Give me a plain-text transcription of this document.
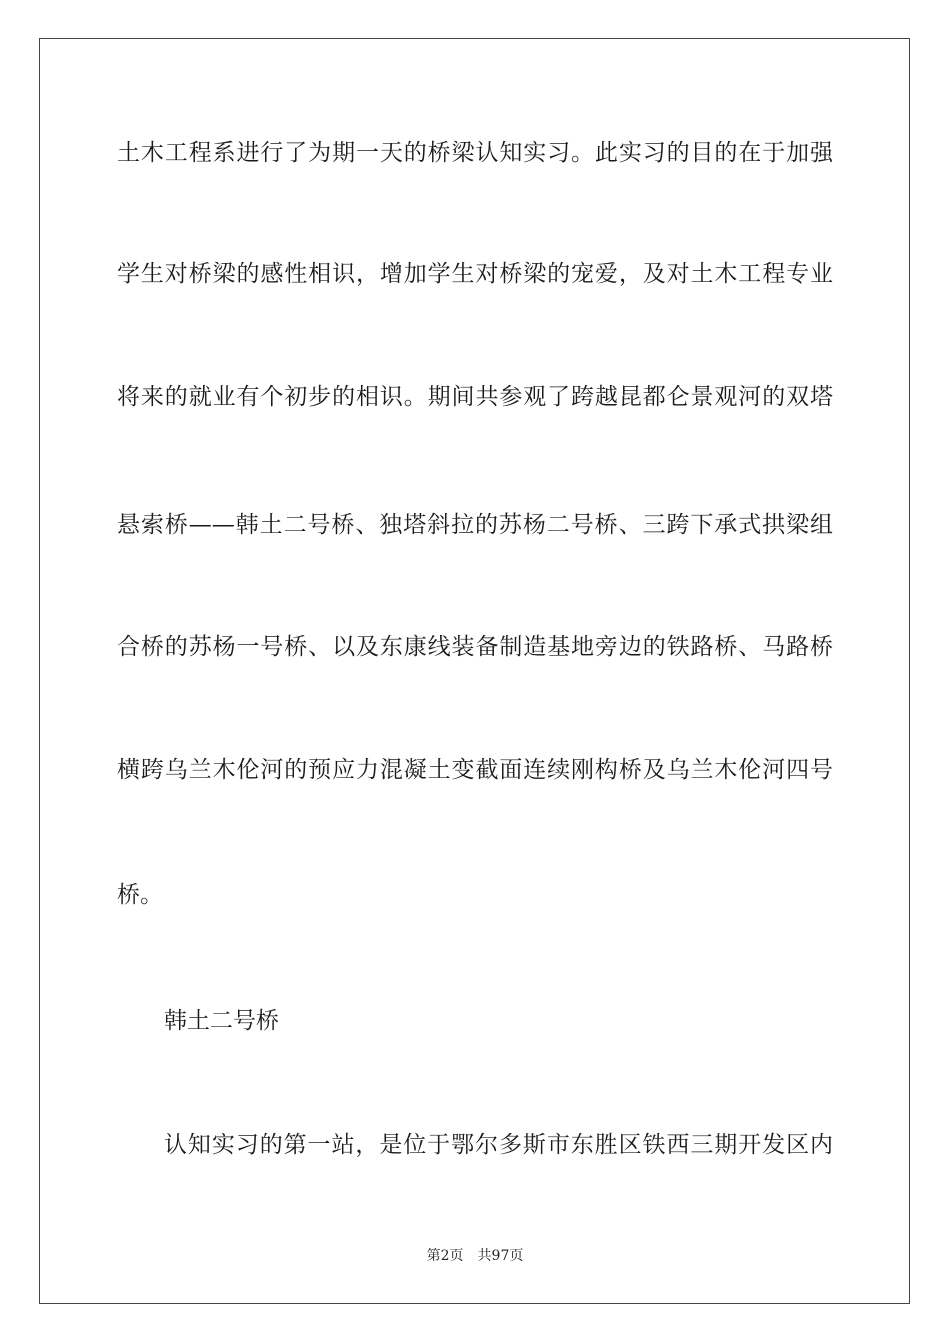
土木工程系进行了为期一天的桥梁认知实习。此实习的目的在于加强
学生对桥梁的感性相识，增加学生对桥梁的宠爱，及对土木工程专业
将来的就业有个初步的相识。期间共参观了跨越昆都仑景观河的双塔
悬索桥——韩土二号桥、独塔斜拉的苏杨二号桥、三跨下承式拱梁组
合桥的苏杨一号桥、以及东康线装备制造基地旁边的铁路桥、马路桥
横跨乌兰木伦河的预应力混凝土变截面连续刚构桥及乌兰木伦河四号
桥。
韩土二号桥
认知实习的第一站，是位于鄂尔多斯市东胜区铁西三期开发区内
第2页 共97页
